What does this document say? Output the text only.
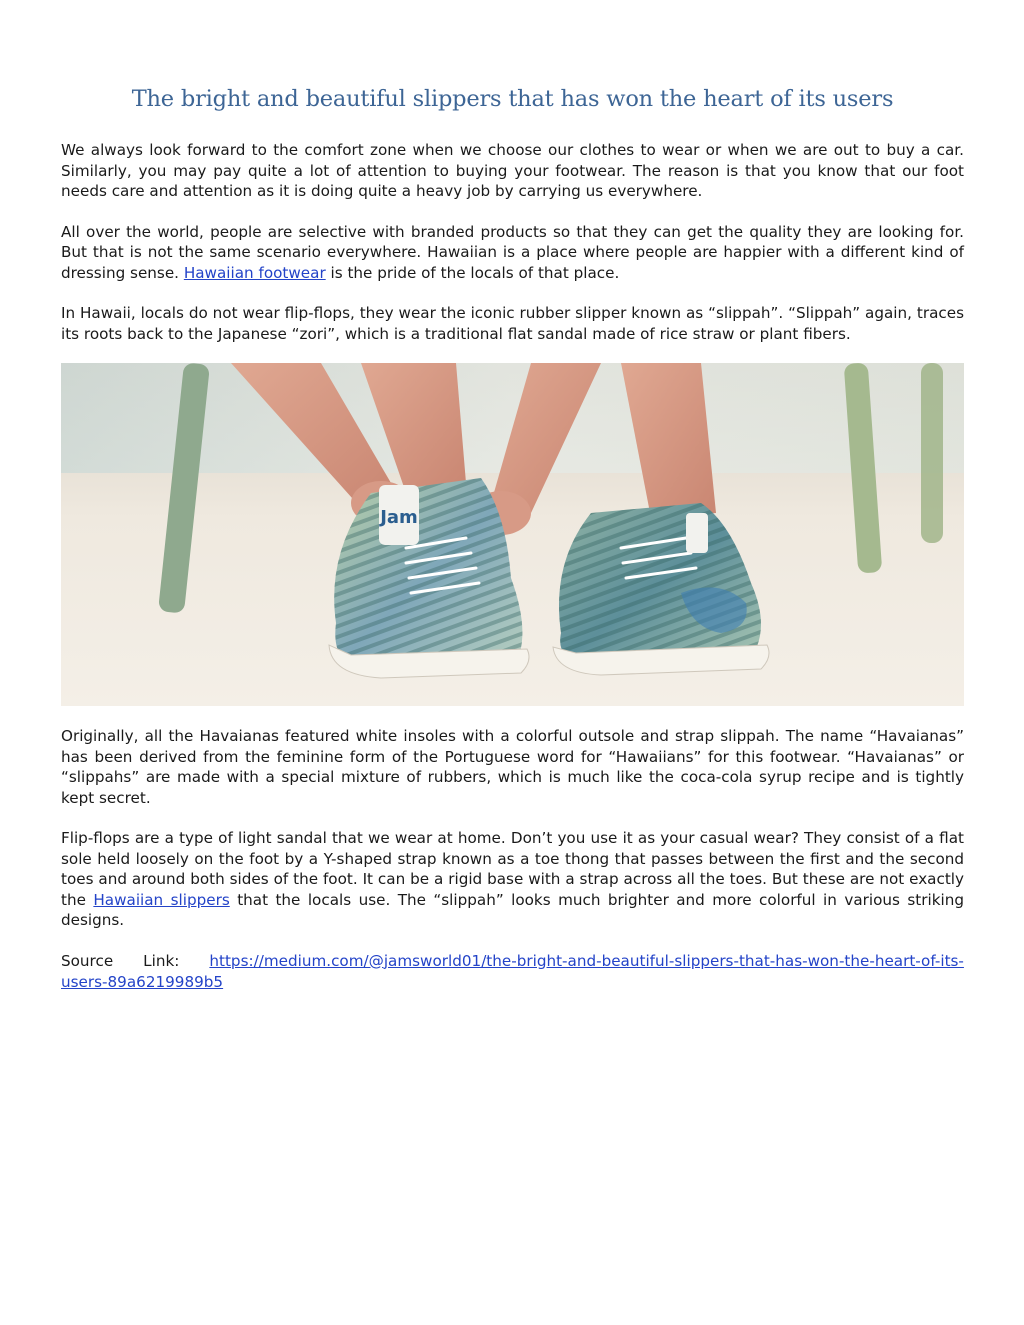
The bright and beautiful slippers that has won the heart of its users

We always look forward to the comfort zone when we choose our clothes to wear or when we are out to buy a car. Similarly, you may pay quite a lot of attention to buying your footwear. The reason is that you know that our foot needs care and attention as it is doing quite a heavy job by carrying us everywhere.

All over the world, people are selective with branded products so that they can get the quality they are looking for. But that is not the same scenario everywhere. Hawaiian is a place where people are happier with a different kind of dressing sense. Hawaiian footwear is the pride of the locals of that place.

In Hawaii, locals do not wear flip-flops, they wear the iconic rubber slipper known as “slippah”. “Slippah” again, traces its roots back to the Japanese “zori”, which is a traditional flat sandal made of rice straw or plant fibers.

Jam

Originally, all the Havaianas featured white insoles with a colorful outsole and strap slippah. The name “Havaianas” has been derived from the feminine form of the Portuguese word for “Hawaiians” for this footwear. “Havaianas” or “slippahs” are made with a special mixture of rubbers, which is much like the coca-cola syrup recipe and is tightly kept secret.

Flip-flops are a type of light sandal that we wear at home. Don’t you use it as your casual wear? They consist of a flat sole held loosely on the foot by a Y-shaped strap known as a toe thong that passes between the first and the second toes and around both sides of the foot. It can be a rigid base with a strap across all the toes. But these are not exactly the Hawaiian slippers that the locals use. The “slippah” looks much brighter and more colorful in various striking designs.

Source Link: https://medium.com/@jamsworld01/the-bright-and-beautiful-slippers-that-has-won-the-heart-of-its-users-89a6219989b5
